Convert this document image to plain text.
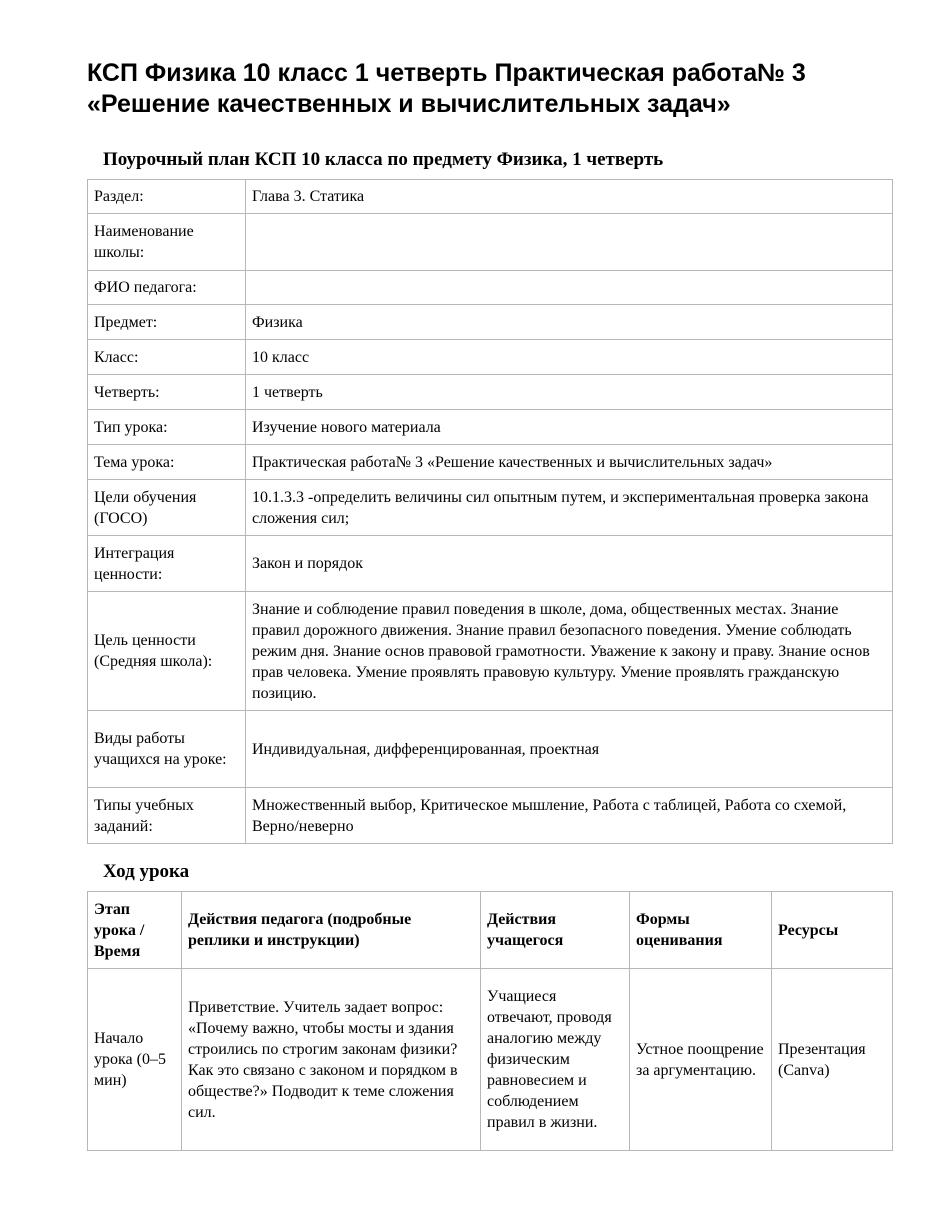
КСП Физика 10 класс 1 четверть Практическая работа№ 3 «Решение качественных и вычислительных задач»
Поурочный план КСП 10 класса по предмету Физика, 1 четверть
Раздел:	Глава 3. Статика
Наименование школы:	
ФИО педагога:	
Предмет:	Физика
Класс:	10 класс
Четверть:	1 четверть
Тип урока:	Изучение нового материала
Тема урока:	Практическая работа№ 3 «Решение качественных и вычислительных задач»
Цели обучения (ГОСО)	10.1.3.3 -определить величины сил опытным путем, и экспериментальная проверка закона сложения сил;
Интеграция ценности:	Закон и порядок
Цель ценности (Средняя школа):	Знание и соблюдение правил поведения в школе, дома, общественных местах. Знание правил дорожного движения. Знание правил безопасного поведения. Умение соблюдать режим дня. Знание основ правовой грамотности. Уважение к закону и праву. Знание основ прав человека. Умение проявлять правовую культуру. Умение проявлять гражданскую позицию.
Виды работы учащихся на уроке:	Индивидуальная, дифференцированная, проектная
Типы учебных заданий:	Множественный выбор, Критическое мышление, Работа с таблицей, Работа со схемой, Верно/неверно
Ход урока
Этап урока / Время	Действия педагога (подробные реплики и инструкции)	Действия учащегося	Формы оценивания	Ресурсы
Начало урока (0–5 мин)	Приветствие. Учитель задает вопрос: «Почему важно, чтобы мосты и здания строились по строгим законам физики? Как это связано с законом и порядком в обществе?» Подводит к теме сложения сил.	Учащиеся отвечают, проводя аналогию между физическим равновесием и соблюдением правил в жизни.	Устное поощрение за аргументацию.	Презентация (Canva)
